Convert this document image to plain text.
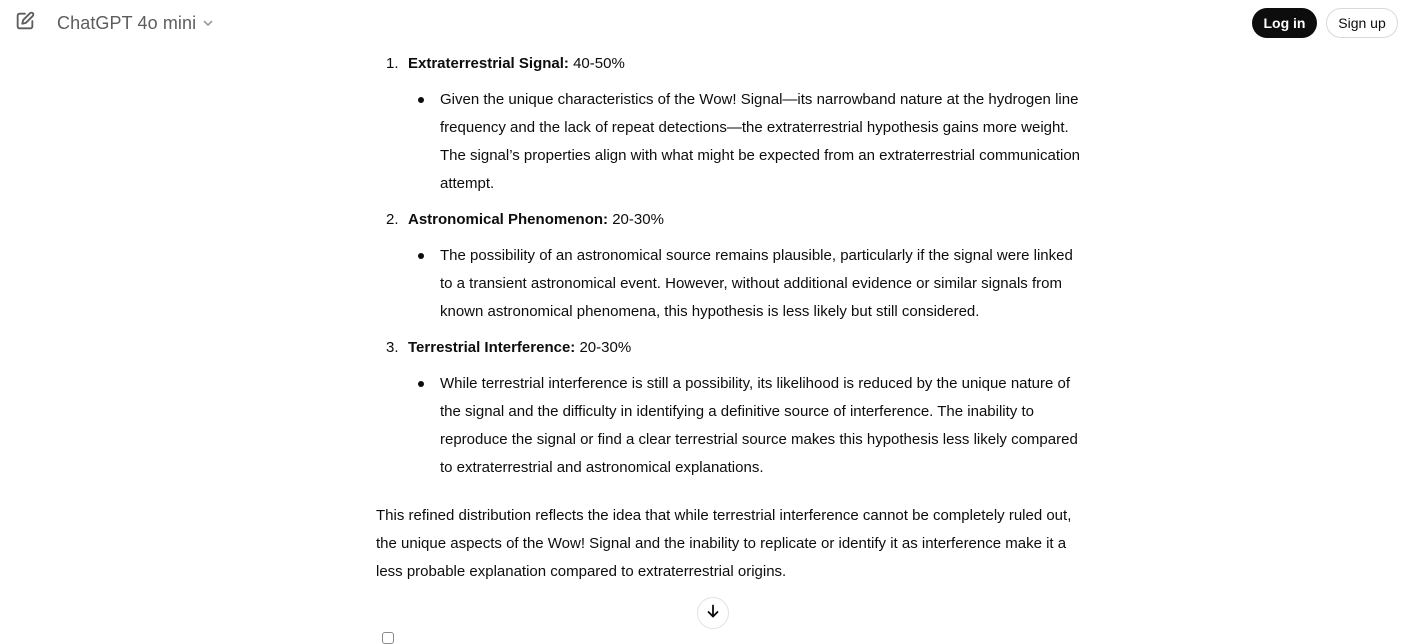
ChatGPT 4o mini	Log in	Sign up
1. Extraterrestrial Signal: 40-50%
Given the unique characteristics of the Wow! Signal—its narrowband nature at the hydrogen line frequency and the lack of repeat detections—the extraterrestrial hypothesis gains more weight. The signal’s properties align with what might be expected from an extraterrestrial communication attempt.
2. Astronomical Phenomenon: 20-30%
The possibility of an astronomical source remains plausible, particularly if the signal were linked to a transient astronomical event. However, without additional evidence or similar signals from known astronomical phenomena, this hypothesis is less likely but still considered.
3. Terrestrial Interference: 20-30%
While terrestrial interference is still a possibility, its likelihood is reduced by the unique nature of the signal and the difficulty in identifying a definitive source of interference. The inability to reproduce the signal or find a clear terrestrial source makes this hypothesis less likely compared to extraterrestrial and astronomical explanations.

This refined distribution reflects the idea that while terrestrial interference cannot be completely ruled out, the unique aspects of the Wow! Signal and the inability to replicate or identify it as interference make it a less probable explanation compared to extraterrestrial origins.
